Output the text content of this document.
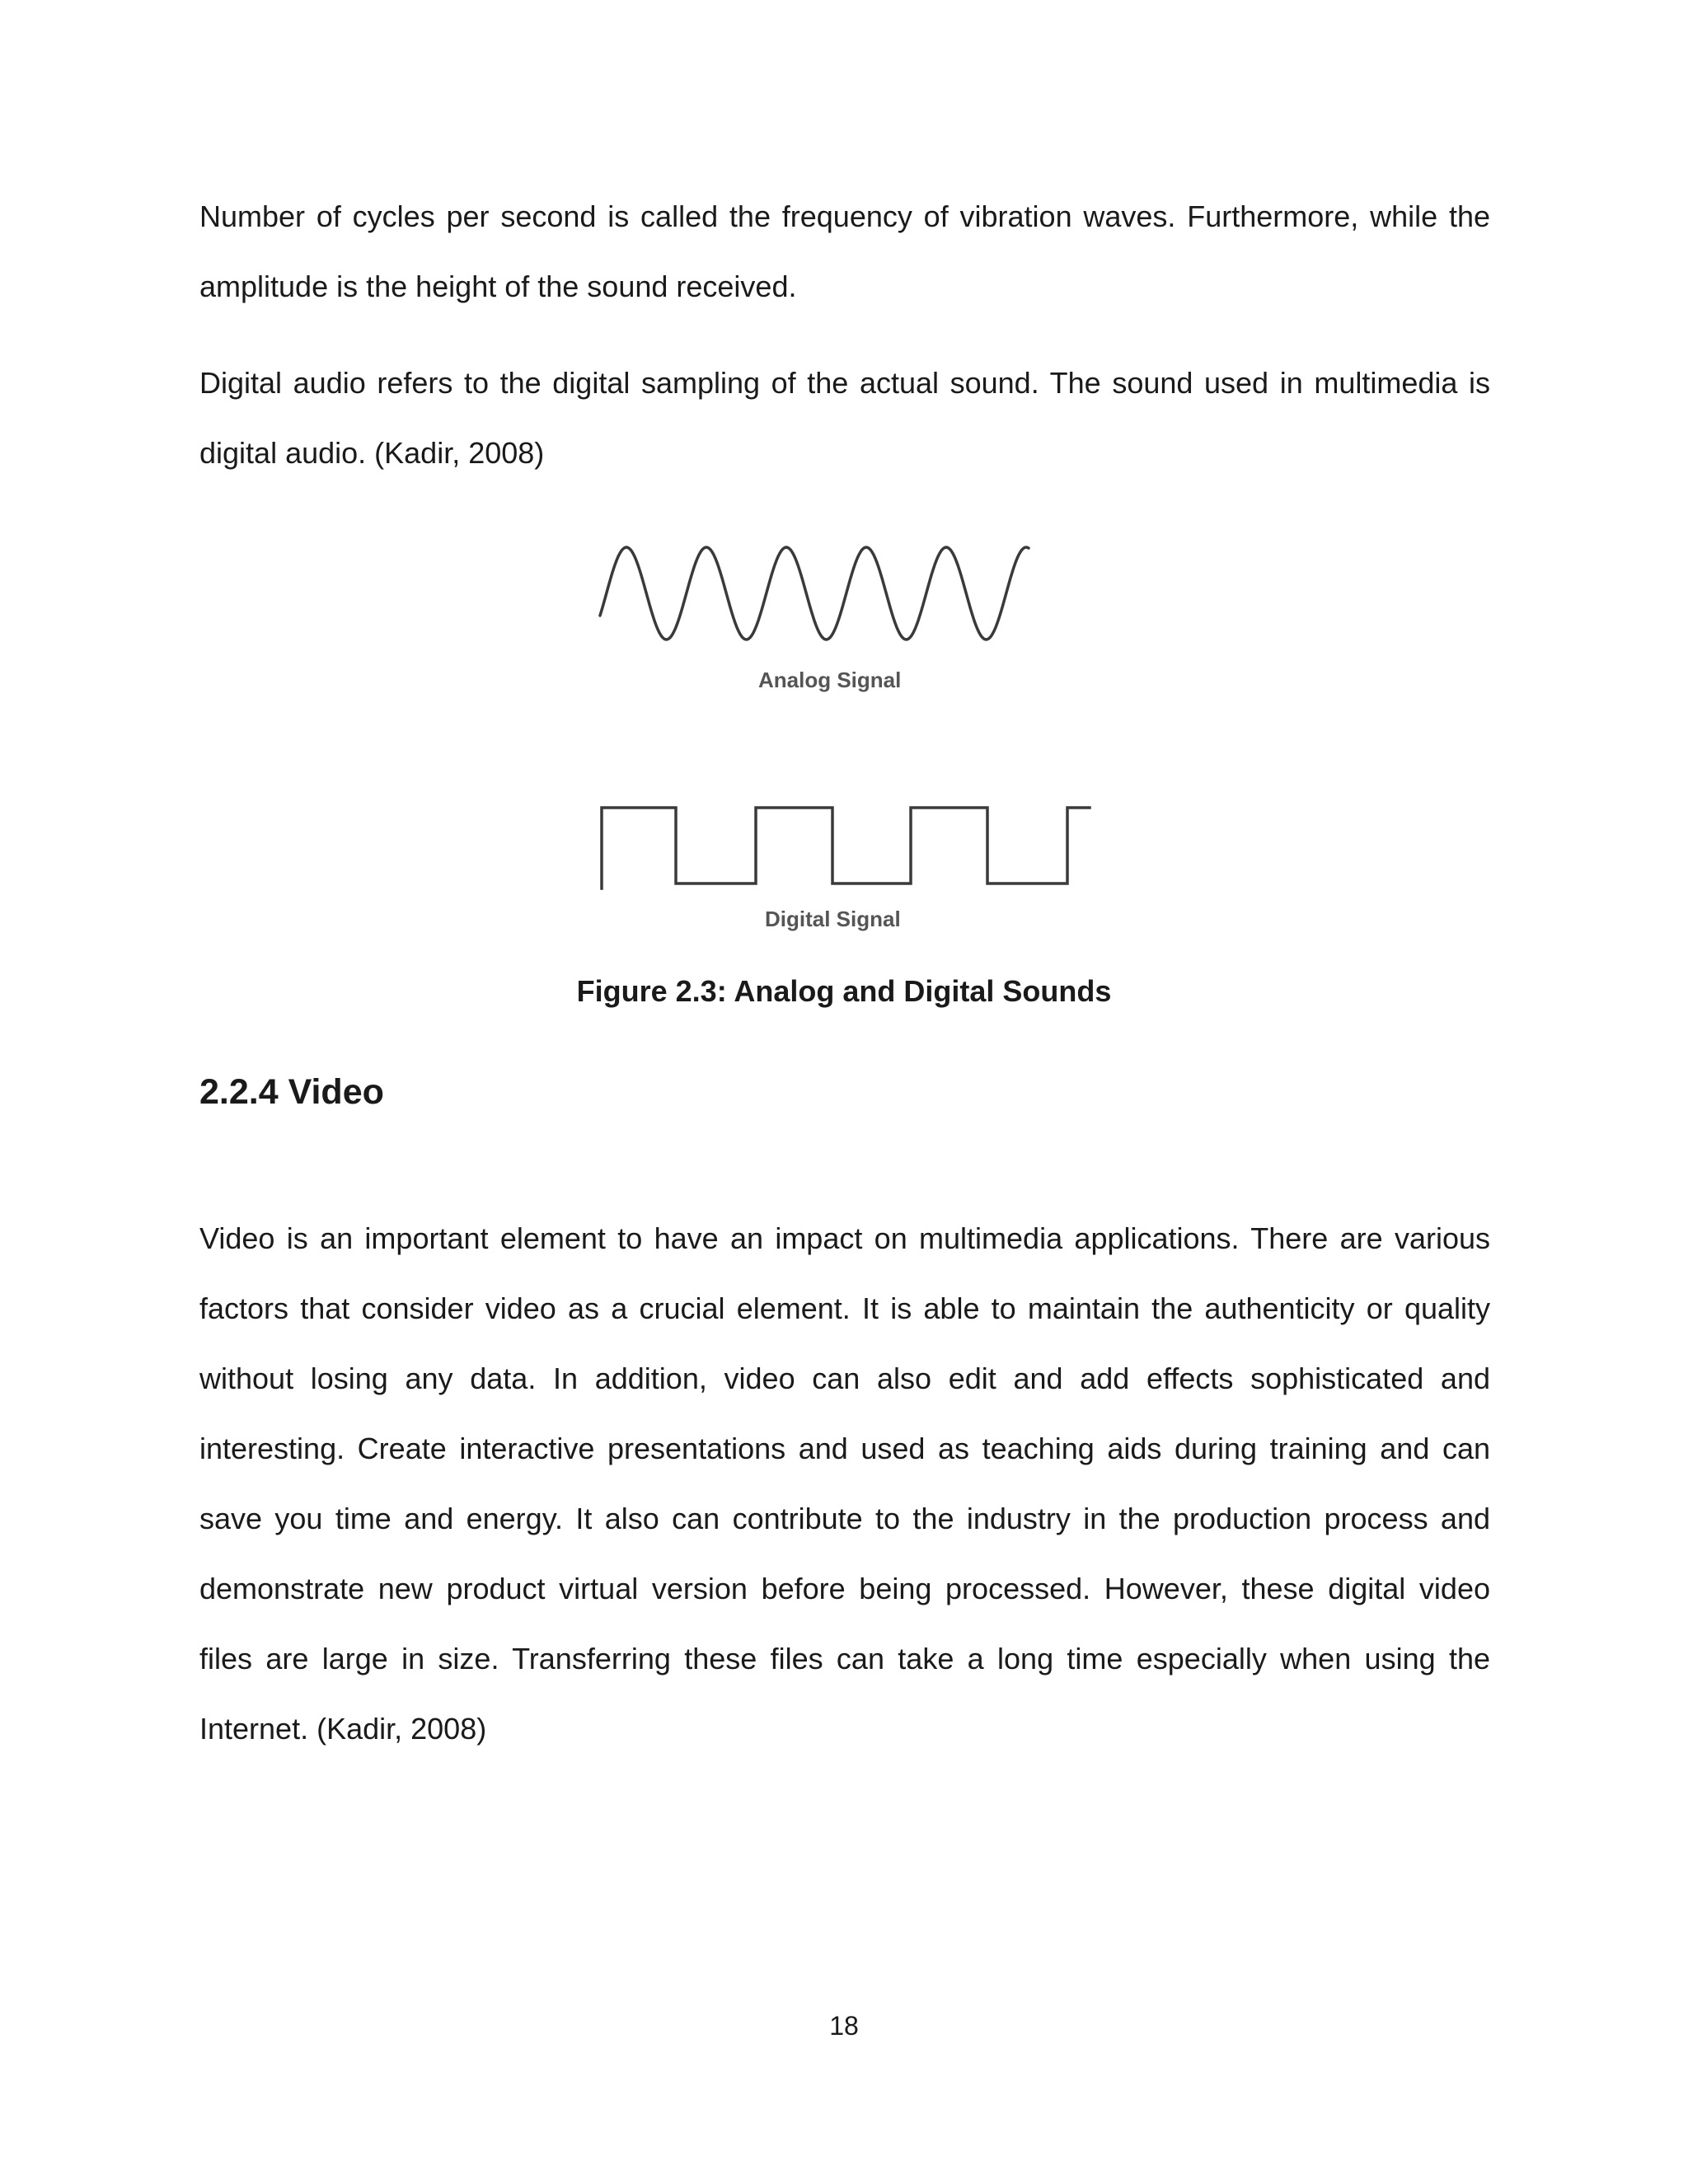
Number of cycles per second is called the frequency of vibration waves. Furthermore, while the amplitude is the height of the sound received.

Digital audio refers to the digital sampling of the actual sound. The sound used in multimedia is digital audio. (Kadir, 2008)

Analog Signal
Digital Signal
Figure 2.3: Analog and Digital Sounds
2.2.4 Video

Video is an important element to have an impact on multimedia applications. There are various factors that consider video as a crucial element. It is able to maintain the authenticity or quality without losing any data. In addition, video can also edit and add effects sophisticated and interesting. Create interactive presentations and used as teaching aids during training and can save you time and energy. It also can contribute to the industry in the production process and demonstrate new product virtual version before being processed. However, these digital video files are large in size. Transferring these files can take a long time especially when using the Internet. (Kadir, 2008)

18
